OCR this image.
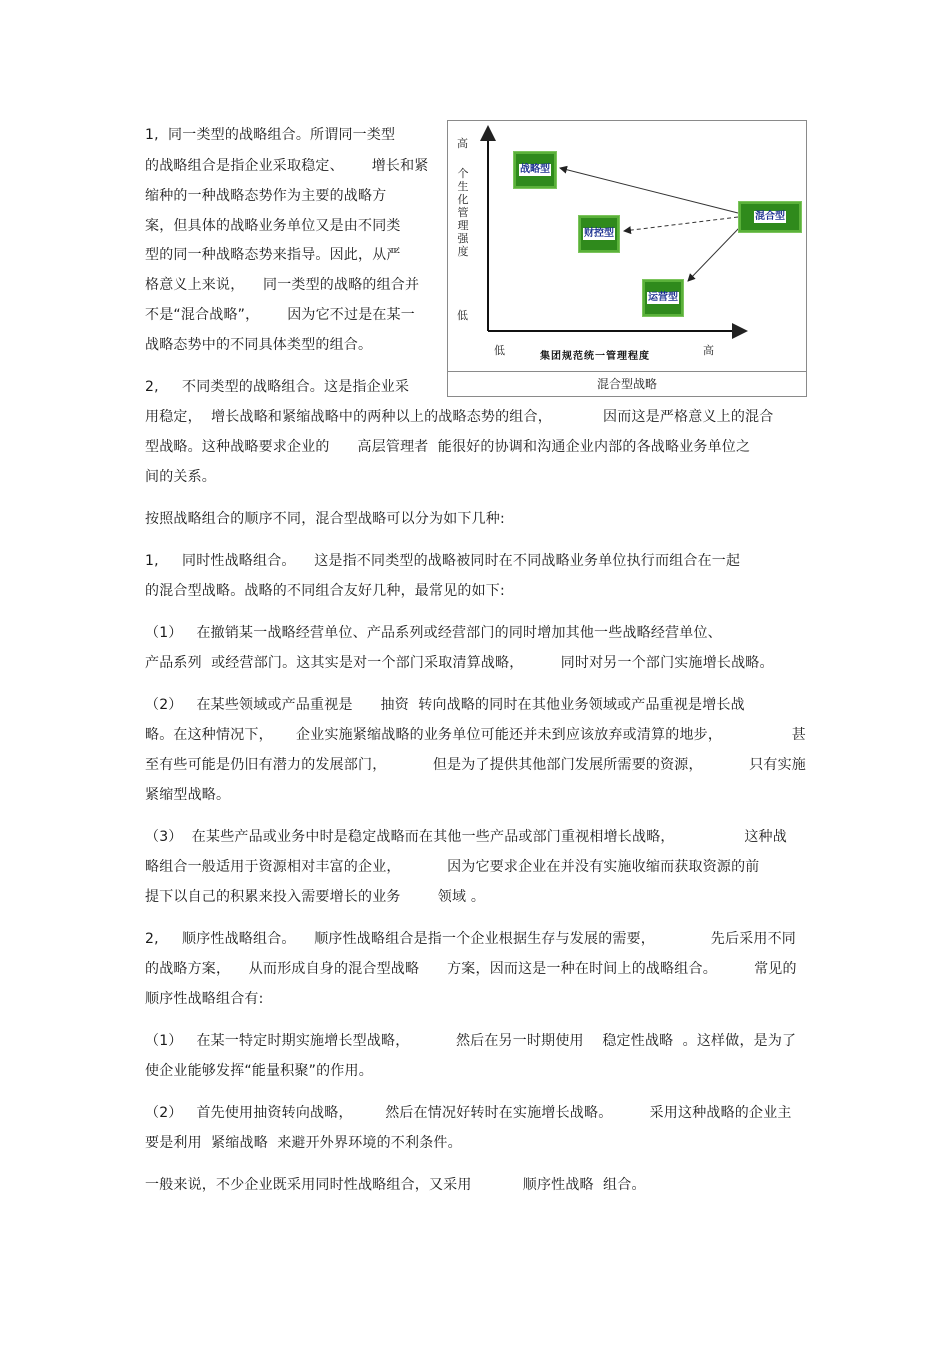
1,  同一类型的战略组合。所谓同一类型
的战略组合是指企业采取稳定、      增长和紧
缩种的一种战略态势作为主要的战略方
案，但具体的战略业务单位又是由不同类
型的同一种战略态势来指导。因此，从严
格意义上来说，    同一类型的战略的组合并
不是“混合战略”，      因为它不过是在某一
战略态势中的不同具体类型的组合。
2,     不同类型的战略组合。这是指企业采
用稳定，  增长战略和紧缩战略中的两种以上的战略态势的组合，           因而这是严格意义上的混合
型战略。这种战略要求企业的      高层管理者  能很好的协调和沟通企业内部的各战略业务单位之
间的关系。
按照战略组合的顺序不同，混合型战略可以分为如下几种:
1,     同时性战略组合。    这是指不同类型的战略被同时在不同战略业务单位执行而组合在一起
的混合型战略。战略的不同组合友好几种，最常见的如下:
（1）   在撤销某一战略经营单位、产品系列或经营部门的同时增加其他一些战略经营单位、
产品系列  或经营部门。这其实是对一个部门采取清算战略，        同时对另一个部门实施增长战略。
（2）   在某些领域或产品重视是      抽资  转向战略的同时在其他业务领域或产品重视是增长战
略。在这种情况下，     企业实施紧缩战略的业务单位可能还并未到应该放弃或清算的地步，               甚
至有些可能是仍旧有潜力的发展部门，          但是为了提供其他部门发展所需要的资源，          只有实施
紧缩型战略。
（3）  在某些产品或业务中时是稳定战略而在其他一些产品或部门重视相增长战略，               这种战
略组合一般适用于资源相对丰富的企业，          因为它要求企业在并没有实施收缩而获取资源的前
提下以自己的积累来投入需要增长的业务        领域 。
2,     顺序性战略组合。    顺序性战略组合是指一个企业根据生存与发展的需要，            先后采用不同
的战略方案，    从而形成自身的混合型战略      方案，因而这是一种在时间上的战略组合。        常见的
顺序性战略组合有:
（1）   在某一特定时期实施增长型战略，          然后在另一时期使用    稳定性战略  。这样做，是为了
使企业能够发挥“能量积聚”的作用。
（2）   首先使用抽资转向战略，       然后在情况好转时在实施增长战略。        采用这种战略的企业主
要是利用  紧缩战略  来避开外界环境的不利条件。
一般来说，不少企业既采用同时性战略组合，又采用           顺序性战略  组合。
高
个生化管理强度
低
低	集团规范统一管理程度	高
战略型
财控型
运营型
混合型
混合型战略
